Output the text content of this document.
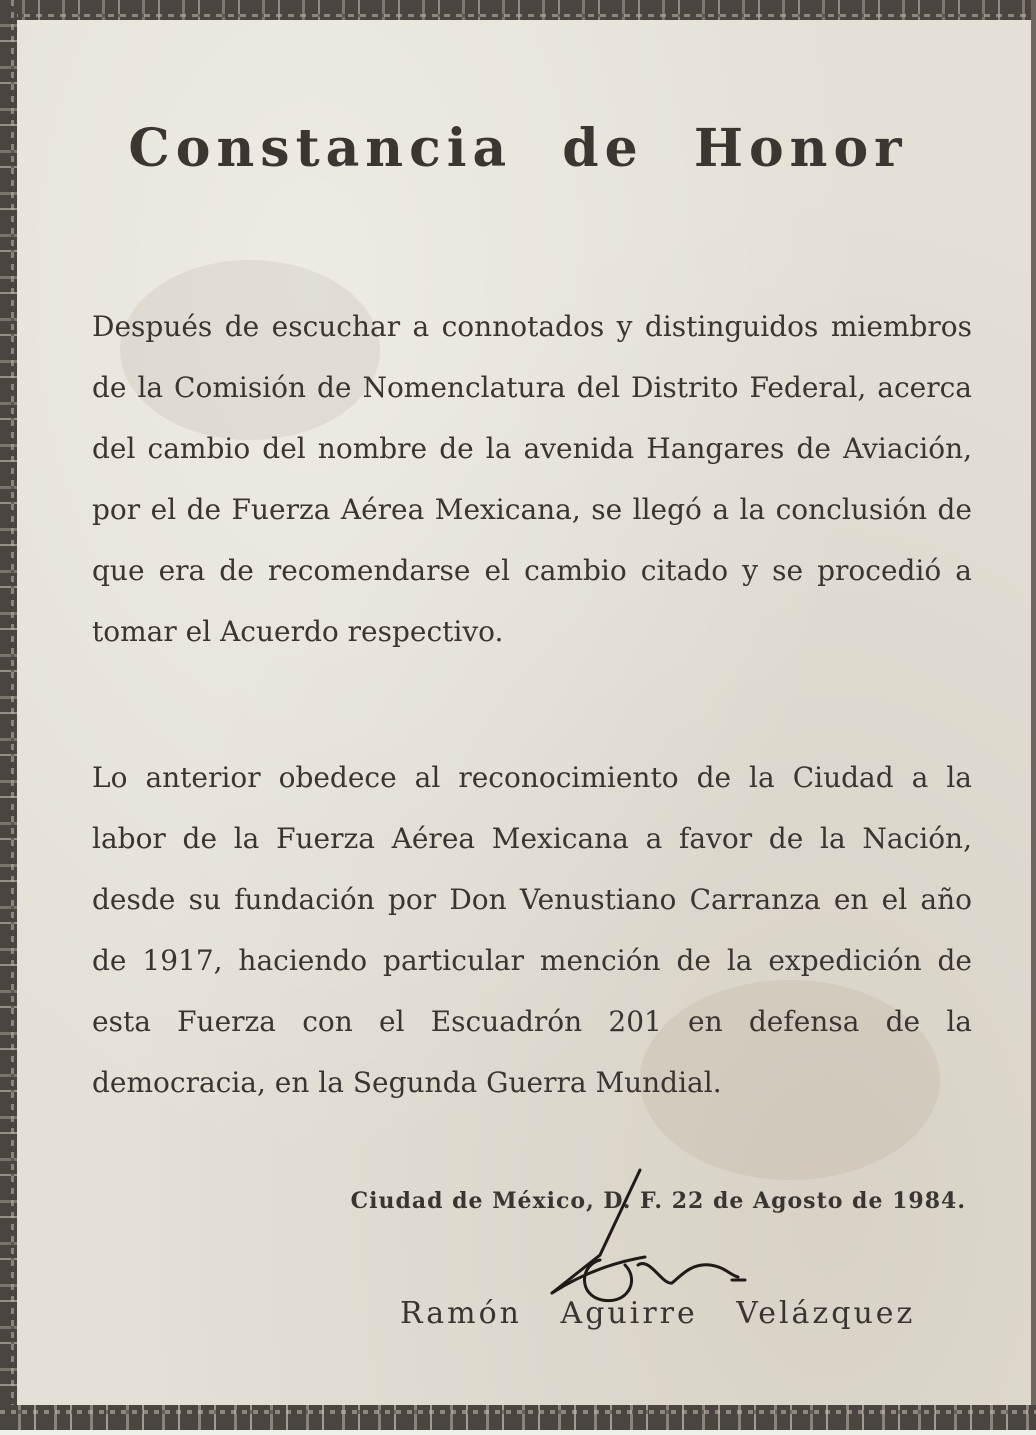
Constancia de Honor

Después de escuchar a connotados y distinguidos miembros de la Comisión de Nomenclatura del Distrito Federal, acerca del cambio del nombre de la avenida Hangares de Aviación, por el de Fuerza Aérea Mexicana, se llegó a la conclusión de que era de recomendarse el cambio citado y se procedió a tomar el Acuerdo respectivo.

Lo anterior obedece al reconocimiento de la Ciudad a la labor de la Fuerza Aérea Mexicana a favor de la Nación, desde su fundación por Don Venustiano Carranza en el año de 1917, haciendo particular mención de la expedición de esta Fuerza con el Escuadrón 201 en defensa de la democracia, en la Segunda Guerra Mundial.

Ciudad de México, D. F. 22 de Agosto de 1984.

Ramón Aguirre Velázquez
